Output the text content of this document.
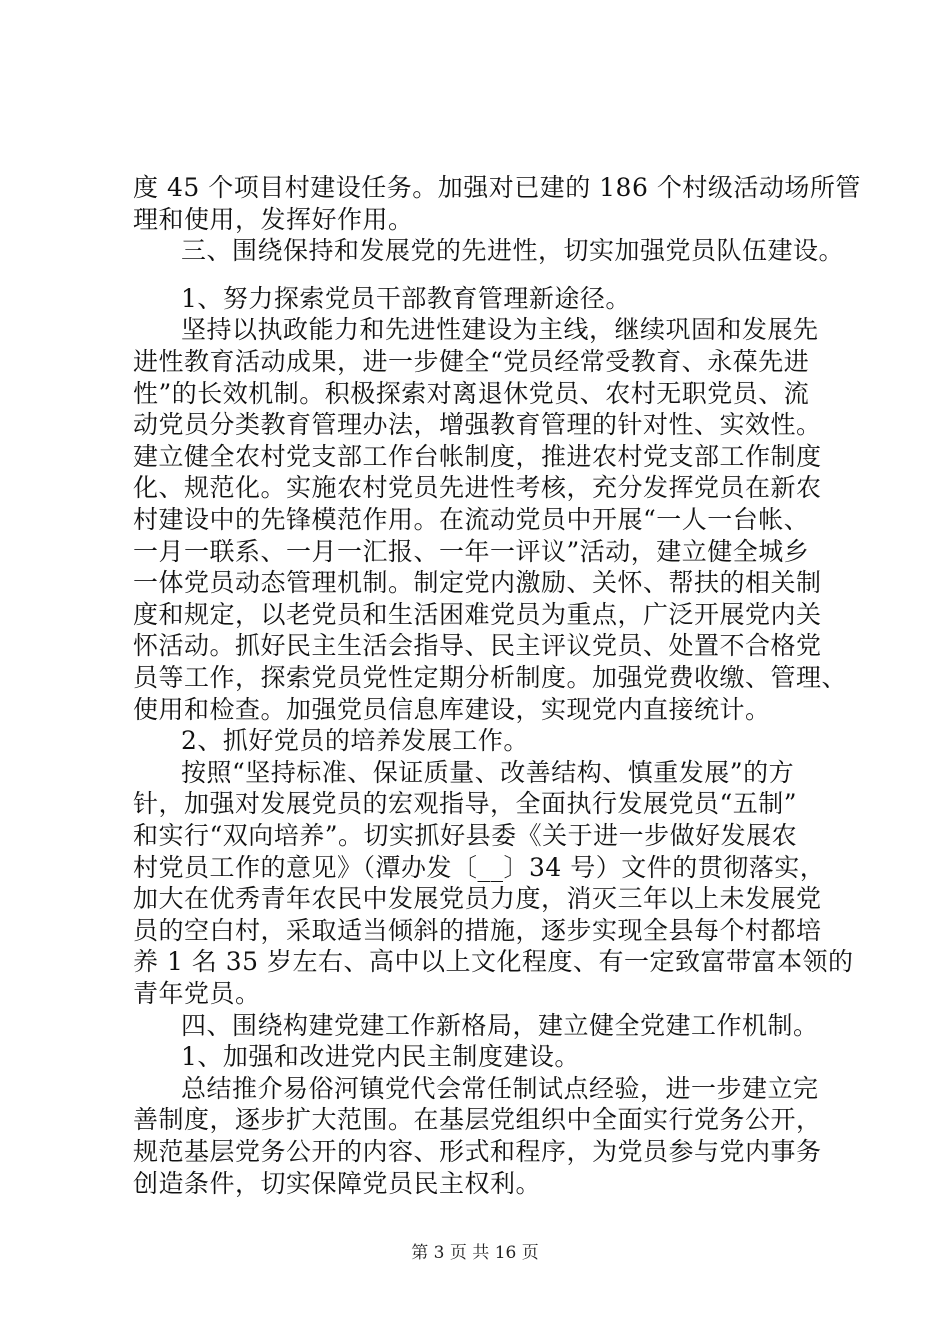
度 45 个项目村建设任务。加强对已建的 186 个村级活动场所管
理和使用，发挥好作用。
三、围绕保持和发展党的先进性，切实加强党员队伍建设。
1、努力探索党员干部教育管理新途径。
坚持以执政能力和先进性建设为主线，继续巩固和发展先
进性教育活动成果，进一步健全“党员经常受教育、永葆先进
性”的长效机制。积极探索对离退休党员、农村无职党员、流
动党员分类教育管理办法，增强教育管理的针对性、实效性。
建立健全农村党支部工作台帐制度，推进农村党支部工作制度
化、规范化。实施农村党员先进性考核，充分发挥党员在新农
村建设中的先锋模范作用。在流动党员中开展“一人一台帐、
一月一联系、一月一汇报、一年一评议”活动，建立健全城乡
一体党员动态管理机制。制定党内激励、关怀、帮扶的相关制
度和规定，以老党员和生活困难党员为重点，广泛开展党内关
怀活动。抓好民主生活会指导、民主评议党员、处置不合格党
员等工作，探索党员党性定期分析制度。加强党费收缴、管理、
使用和检查。加强党员信息库建设，实现党内直接统计。
2、抓好党员的培养发展工作。
按照“坚持标准、保证质量、改善结构、慎重发展”的方
针，加强对发展党员的宏观指导，全面执行发展党员“五制”
和实行“双向培养”。切实抓好县委《关于进一步做好发展农
村党员工作的意见》（潭办发〔__〕34 号）文件的贯彻落实，
加大在优秀青年农民中发展党员力度，消灭三年以上未发展党
员的空白村，采取适当倾斜的措施，逐步实现全县每个村都培
养 1 名 35 岁左右、高中以上文化程度、有一定致富带富本领的
青年党员。
四、围绕构建党建工作新格局，建立健全党建工作机制。
1、加强和改进党内民主制度建设。
总结推介易俗河镇党代会常任制试点经验，进一步建立完
善制度，逐步扩大范围。在基层党组织中全面实行党务公开，
规范基层党务公开的内容、形式和程序，为党员参与党内事务
创造条件，切实保障党员民主权利。
第 3 页 共 16 页
